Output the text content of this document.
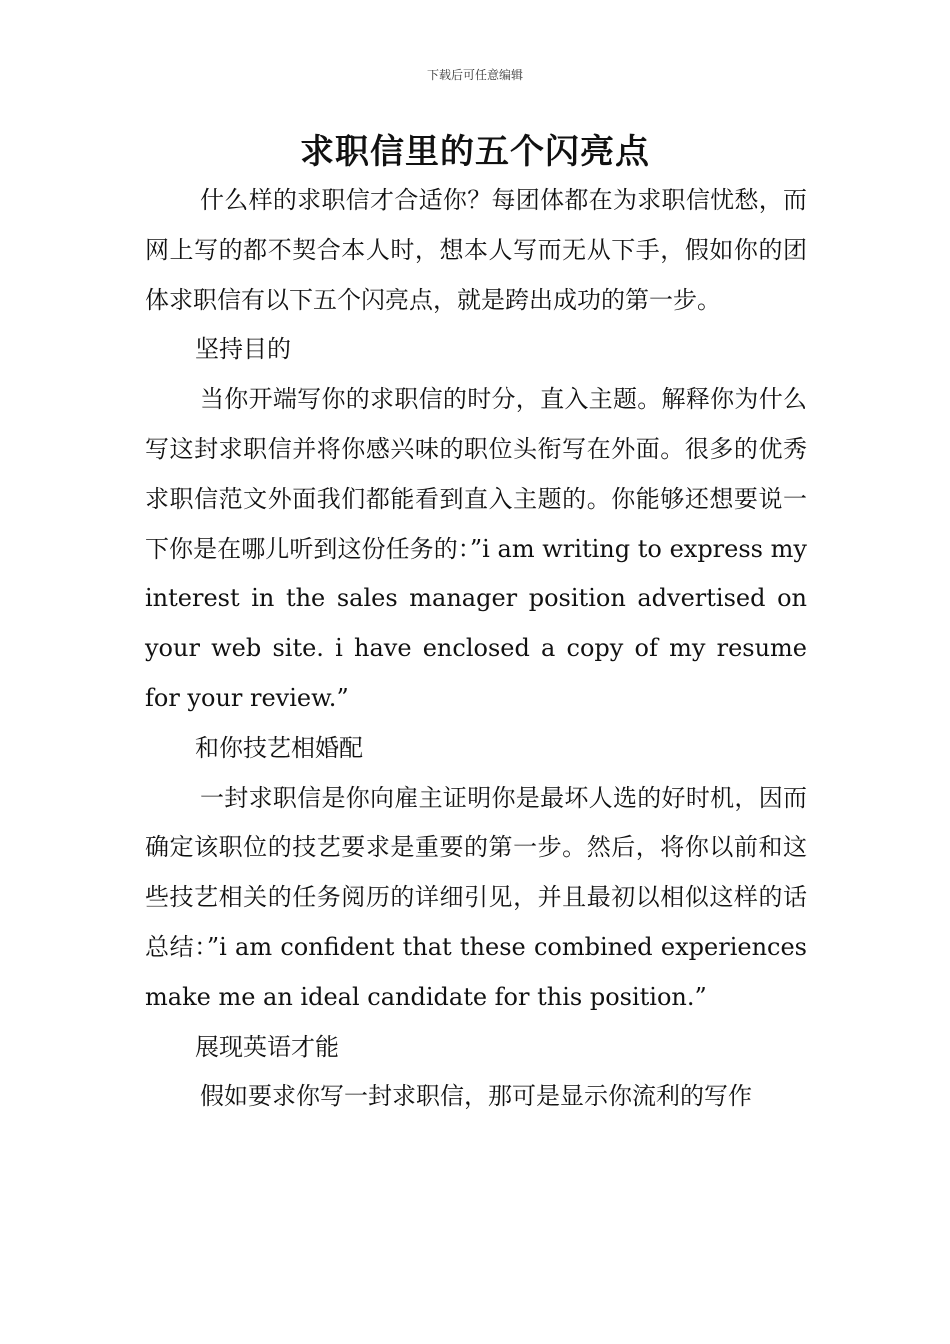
下载后可任意编辑
求职信里的五个闪亮点

什么样的求职信才合适你？每团体都在为求职信忧愁，而网上写的都不契合本人时，想本人写而无从下手，假如你的团体求职信有以下五个闪亮点，就是跨出成功的第一步。

坚持目的

当你开端写你的求职信的时分，直入主题。解释你为什么写这封求职信并将你感兴味的职位头衔写在外面。很多的优秀求职信范文外面我们都能看到直入主题的。你能够还想要说一下你是在哪儿听到这份任务的：”i am writing to express my interest in the sales manager position advertised on your web site. i have enclosed a copy of my resume for your review.”

和你技艺相婚配

一封求职信是你向雇主证明你是最坏人选的好时机，因而确定该职位的技艺要求是重要的第一步。然后，将你以前和这些技艺相关的任务阅历的详细引见，并且最初以相似这样的话总结：”i am confident that these combined experiences make me an ideal candidate for this position.”

展现英语才能

假如要求你写一封求职信，那可是显示你流利的写作
